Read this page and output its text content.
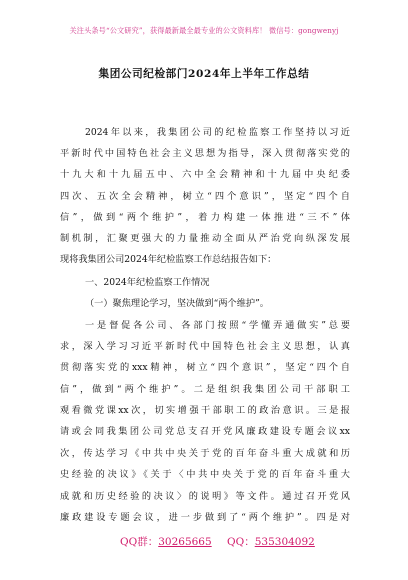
关注头条号“公文研究”，获得最新最全最专业的公文资料库！ 微信号：gongwenyj
集团公司纪检部门2024年上半年工作总结
2024年以来，我集团公司的纪检监察工作坚持以习近
平新时代中国特色社会主义思想为指导，深入贯彻落实党的
十九大和十九届五中、六中全会精神和十九届中央纪委
四次、五次全会精神，树立“四个意识”，坚定“四个自
信”，做到“两个维护”，着力构建一体推进“三不”体
制机制，汇聚更强大的力量推动全面从严治党向纵深发展
现将我集团公司2024年纪检监察工作总结报告如下：
一、2024年纪检监察工作情况
（一）聚焦理论学习，坚决做到“两个维护”。
一是督促各公司、各部门按照“学懂弄通做实”总要
求，深入学习习近平新时代中国特色社会主义思想，认真
贯彻落实党的xxx精神，树立“四个意识”，坚定“四个自
信”，做到“两个维护”。二是组织我集团公司干部职工
观看微党课xx次，切实增强干部职工的政治意识。三是报
请或会同我集团公司党总支召开党风廉政建设专题会议xx
次，传达学习《中共中央关于党的百年奋斗重大成就和历
史经验的决议》《关于〈中共中央关于党的百年奋斗重大
成就和历史经验的决议〉的说明》等文件。通过召开党风
廉政建设专题会议，进一步做到了“两个维护”。四是对
QQ群：30265665 QQ：535304092
